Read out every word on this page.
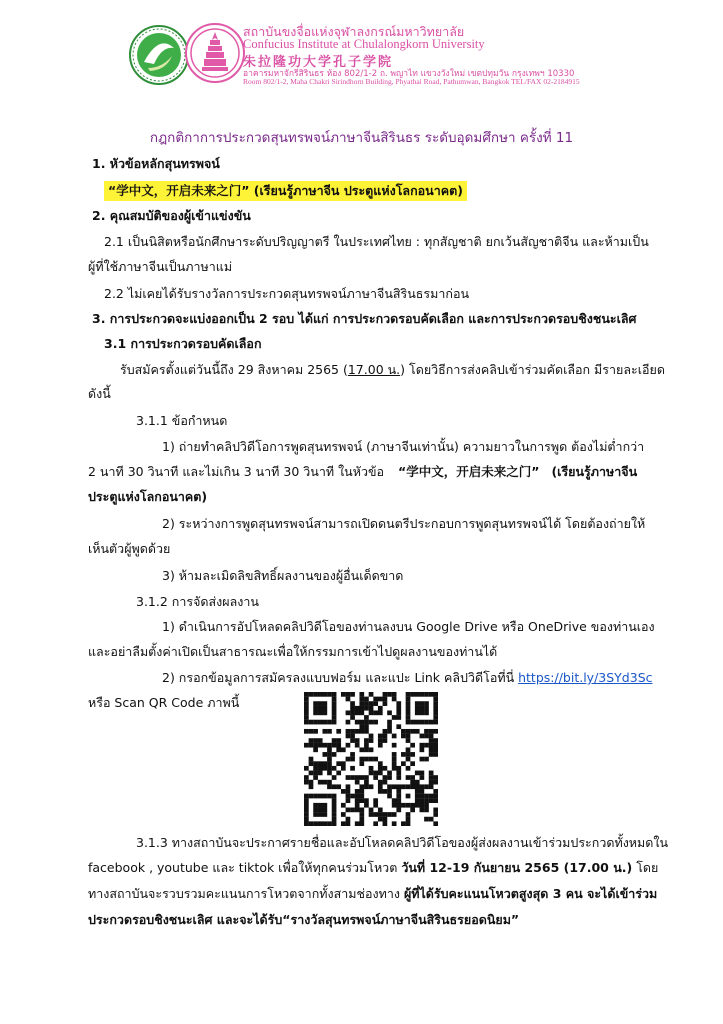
สถาบันขงจื่อแห่งจุฬาลงกรณ์มหาวิทยาลัย
Confucius Institute at Chulalongkorn University
朱拉隆功大学孔子学院
อาคารมหาจักรีสิรินธร ห้อง 802/1-2 ถ. พญาไท แขวงวังใหม่ เขตปทุมวัน กรุงเทพฯ 10330
Room 802/1-2, Maha Chakri Sirindhorn Building, Phyathai Road, Pathumwan, Bangkok TEL/FAX 02-2184915
กฎกติกาการประกวดสุนทรพจน์ภาษาจีนสิรินธร ระดับอุดมศึกษา ครั้งที่ 11
1. หัวข้อหลักสุนทรพจน์
“学中文，开启未来之门” (เรียนรู้ภาษาจีน ประตูแห่งโลกอนาคต)
2. คุณสมบัติของผู้เข้าแข่งขัน
2.1 เป็นนิสิตหรือนักศึกษาระดับปริญญาตรี ในประเทศไทย : ทุกสัญชาติ ยกเว้นสัญชาติจีน และห้ามเป็น
ผู้ที่ใช้ภาษาจีนเป็นภาษาแม่
2.2 ไม่เคยได้รับรางวัลการประกวดสุนทรพจน์ภาษาจีนสิรินธรมาก่อน
3. การประกวดจะแบ่งออกเป็น 2 รอบ ได้แก่ การประกวดรอบคัดเลือก และการประกวดรอบชิงชนะเลิศ
3.1 การประกวดรอบคัดเลือก
รับสมัครตั้งแต่วันนี้ถึง 29 สิงหาคม 2565 (17.00 น.) โดยวิธีการส่งคลิปเข้าร่วมคัดเลือก มีรายละเอียด
ดังนี้
3.1.1 ข้อกำหนด
1) ถ่ายทำคลิปวิดีโอการพูดสุนทรพจน์ (ภาษาจีนเท่านั้น) ความยาวในการพูด ต้องไม่ต่ำกว่า
2 นาที 30 วินาที และไม่เกิน 3 นาที 30 วินาที ในหัวข้อ “学中文，开启未来之门” (เรียนรู้ภาษาจีน
ประตูแห่งโลกอนาคต)
2) ระหว่างการพูดสุนทรพจน์สามารถเปิดดนตรีประกอบการพูดสุนทรพจน์ได้ โดยต้องถ่ายให้
เห็นตัวผู้พูดด้วย
3) ห้ามละเมิดลิขสิทธิ์ผลงานของผู้อื่นเด็ดขาด
3.1.2 การจัดส่งผลงาน
1) ดำเนินการอัปโหลดคลิปวิดีโอของท่านลงบน Google Drive หรือ OneDrive ของท่านเอง
และอย่าลืมตั้งค่าเปิดเป็นสาธารณะเพื่อให้กรรมการเข้าไปดูผลงานของท่านได้
2) กรอกข้อมูลการสมัครลงแบบฟอร์ม และแปะ Link คลิปวิดีโอที่นี่ https://bit.ly/3SYd3Sc
หรือ Scan QR Code ภาพนี้
3.1.3 ทางสถาบันจะประกาศรายชื่อและอัปโหลดคลิปวิดีโอของผู้ส่งผลงานเข้าร่วมประกวดทั้งหมดใน
facebook , youtube และ tiktok เพื่อให้ทุกคนร่วมโหวต วันที่ 12-19 กันยายน 2565 (17.00 น.) โดย
ทางสถาบันจะรวบรวมคะแนนการโหวตจากทั้งสามช่องทาง ผู้ที่ได้รับคะแนนโหวตสูงสุด 3 คน จะได้เข้าร่วม
ประกวดรอบชิงชนะเลิศ และจะได้รับ“รางวัลสุนทรพจน์ภาษาจีนสิรินธรยอดนิยม”
